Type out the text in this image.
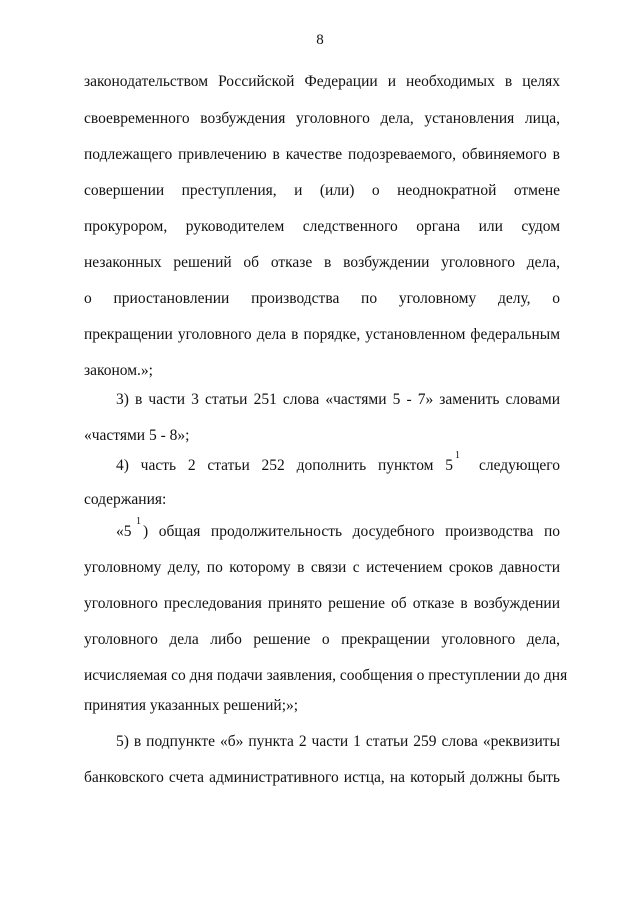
8
законодательством Российской Федерации и необходимых в целях
своевременного возбуждения уголовного дела, установления лица,
подлежащего привлечению в качестве подозреваемого, обвиняемого в
совершении преступления, и (или) о неоднократной отмене
прокурором, руководителем следственного органа или судом
незаконных решений об отказе в возбуждении уголовного дела,
о приостановлении производства по уголовному делу, о
прекращении уголовного дела в порядке, установленном федеральным
законом.»;
3) в части 3 статьи 251 слова «частями 5 - 7» заменить словами
«частями 5 - 8»;
4) часть 2 статьи 252 дополнить пунктом 5	следующего
1
содержания:
«5
1
) общая продолжительность досудебного производства по
уголовному делу, по которому в связи с истечением сроков давности
уголовного преследования принято решение об отказе в возбуждении
уголовного дела либо решение о прекращении уголовного дела,
исчисляемая со дня подачи заявления, сообщения о преступлении до дня
принятия указанных решений;»;
5) в подпункте «б» пункта 2 части 1 статьи 259 слова «реквизиты
банковского счета административного истца, на который должны быть
